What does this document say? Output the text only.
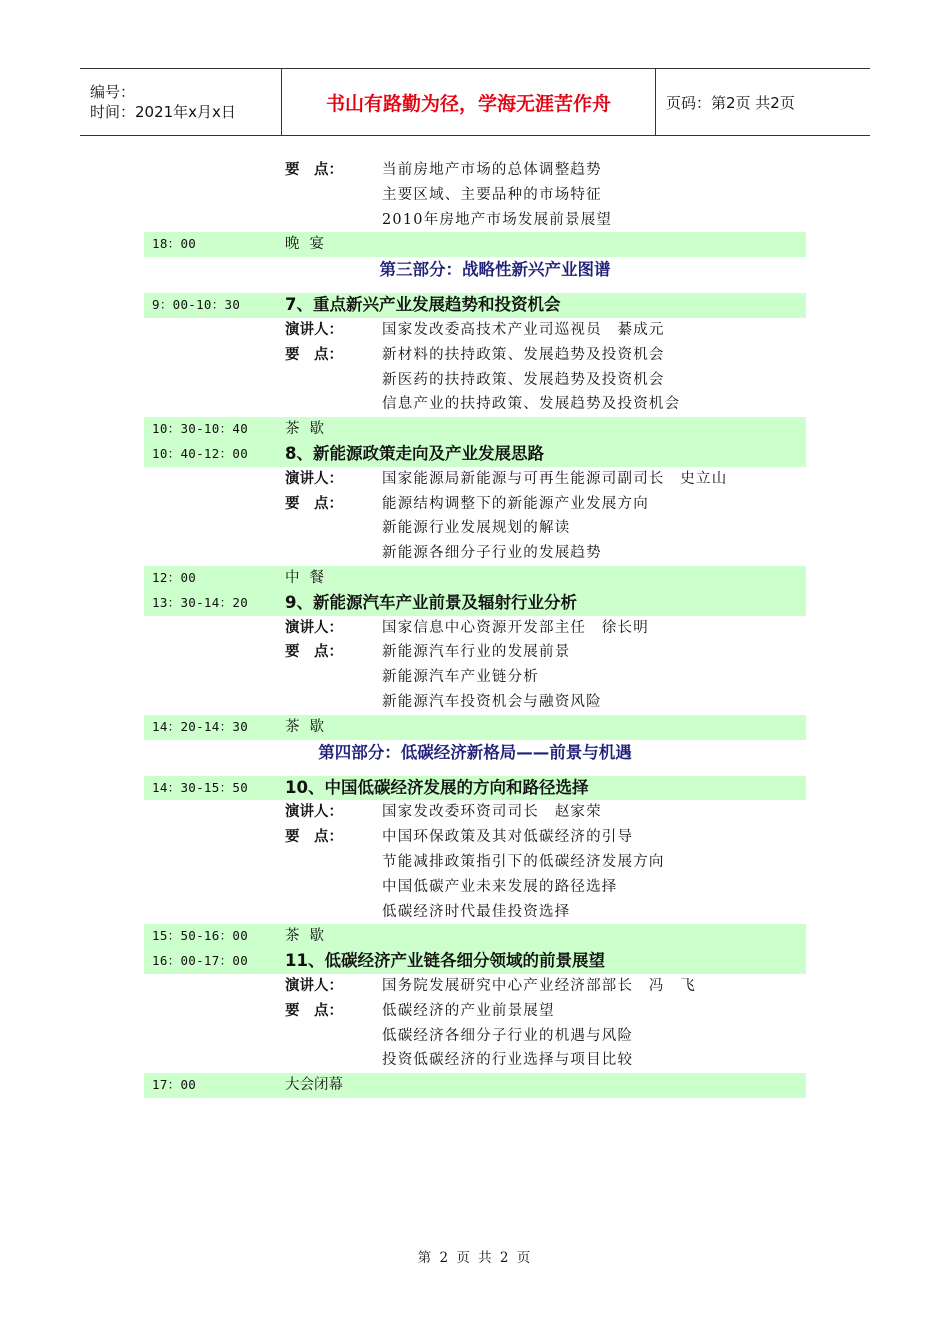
编号：
时间：2021年x月x日	书山有路勤为径，学海无涯苦作舟	页码：第2页 共2页
要　点：	当前房地产市场的总体调整趋势
主要区域、主要品种的市场特征
2010年房地产市场发展前景展望
18：00	晚宴
第三部分：战略性新兴产业图谱
9：00-10：30	7、重点新兴产业发展趋势和投资机会
演讲人：	国家发改委高技术产业司巡视员　綦成元
要　点：	新材料的扶持政策、发展趋势及投资机会
新医药的扶持政策、发展趋势及投资机会
信息产业的扶持政策、发展趋势及投资机会
10：30-10：40	茶歇
10：40-12：00 8、新能源政策走向及产业发展思路
演讲人：	国家能源局新能源与可再生能源司副司长　史立山
要　点：	能源结构调整下的新能源产业发展方向
新能源行业发展规划的解读
新能源各细分子行业的发展趋势
12：00	中餐
13：30-14：20 9、新能源汽车产业前景及辐射行业分析
演讲人：	国家信息中心资源开发部主任　徐长明
要　点：	新能源汽车行业的发展前景
新能源汽车产业链分析
新能源汽车投资机会与融资风险
14：20-14：30	茶歇
第四部分：低碳经济新格局——前景与机遇
14：30-15：50 10、中国低碳经济发展的方向和路径选择
演讲人：	国家发改委环资司司长　赵家荣
要　点：	中国环保政策及其对低碳经济的引导
节能减排政策指引下的低碳经济发展方向
中国低碳产业未来发展的路径选择
低碳经济时代最佳投资选择
15：50-16：00	茶歇
16：00-17：00 11、低碳经济产业链各细分领域的前景展望
演讲人：	国务院发展研究中心产业经济部部长　冯　飞
要　点：	低碳经济的产业前景展望
低碳经济各细分子行业的机遇与风险
投资低碳经济的行业选择与项目比较
17：00	大会闭幕
第 2 页 共 2 页
